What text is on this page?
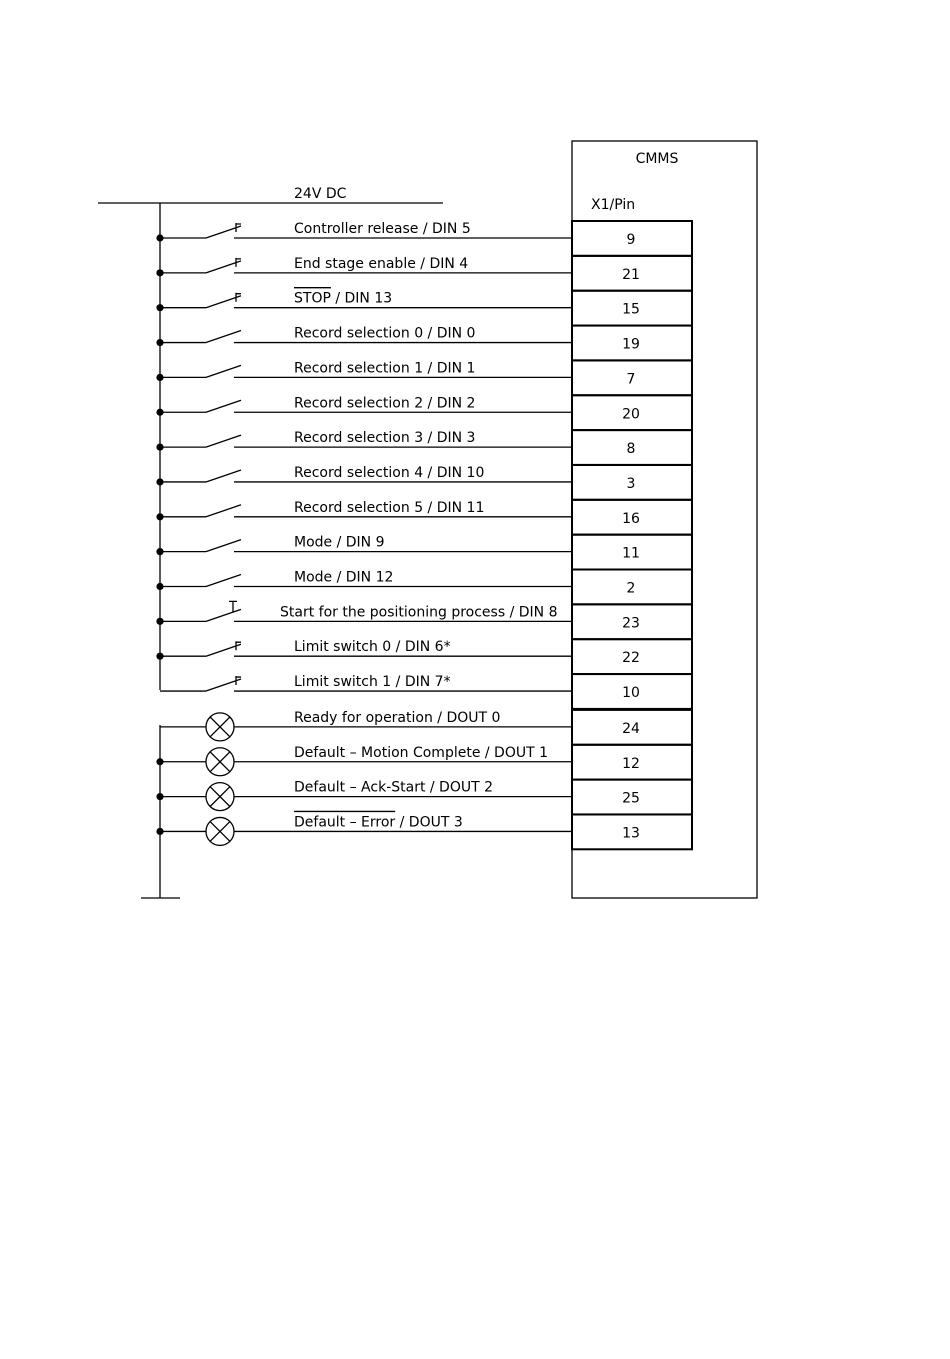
CMMS
X1/Pin
24V DC
Controller release / DIN 5
9
End stage enable / DIN 4
21
STOP / DIN 13
15
Record selection 0 / DIN 0
19
Record selection 1 / DIN 1
7
Record selection 2 / DIN 2
20
Record selection 3 / DIN 3
8
Record selection 4 / DIN 10
3
Record selection 5 / DIN 11
16
Mode / DIN 9
11
Mode / DIN 12
2
Start for the positioning process / DIN 8
23
Limit switch 0 / DIN 6*
22
Limit switch 1 / DIN 7*
10
Ready for operation / DOUT 0
24
Default – Motion Complete / DOUT 1
12
Default – Ack-Start / DOUT 2
25
Default – Error / DOUT 3
13
